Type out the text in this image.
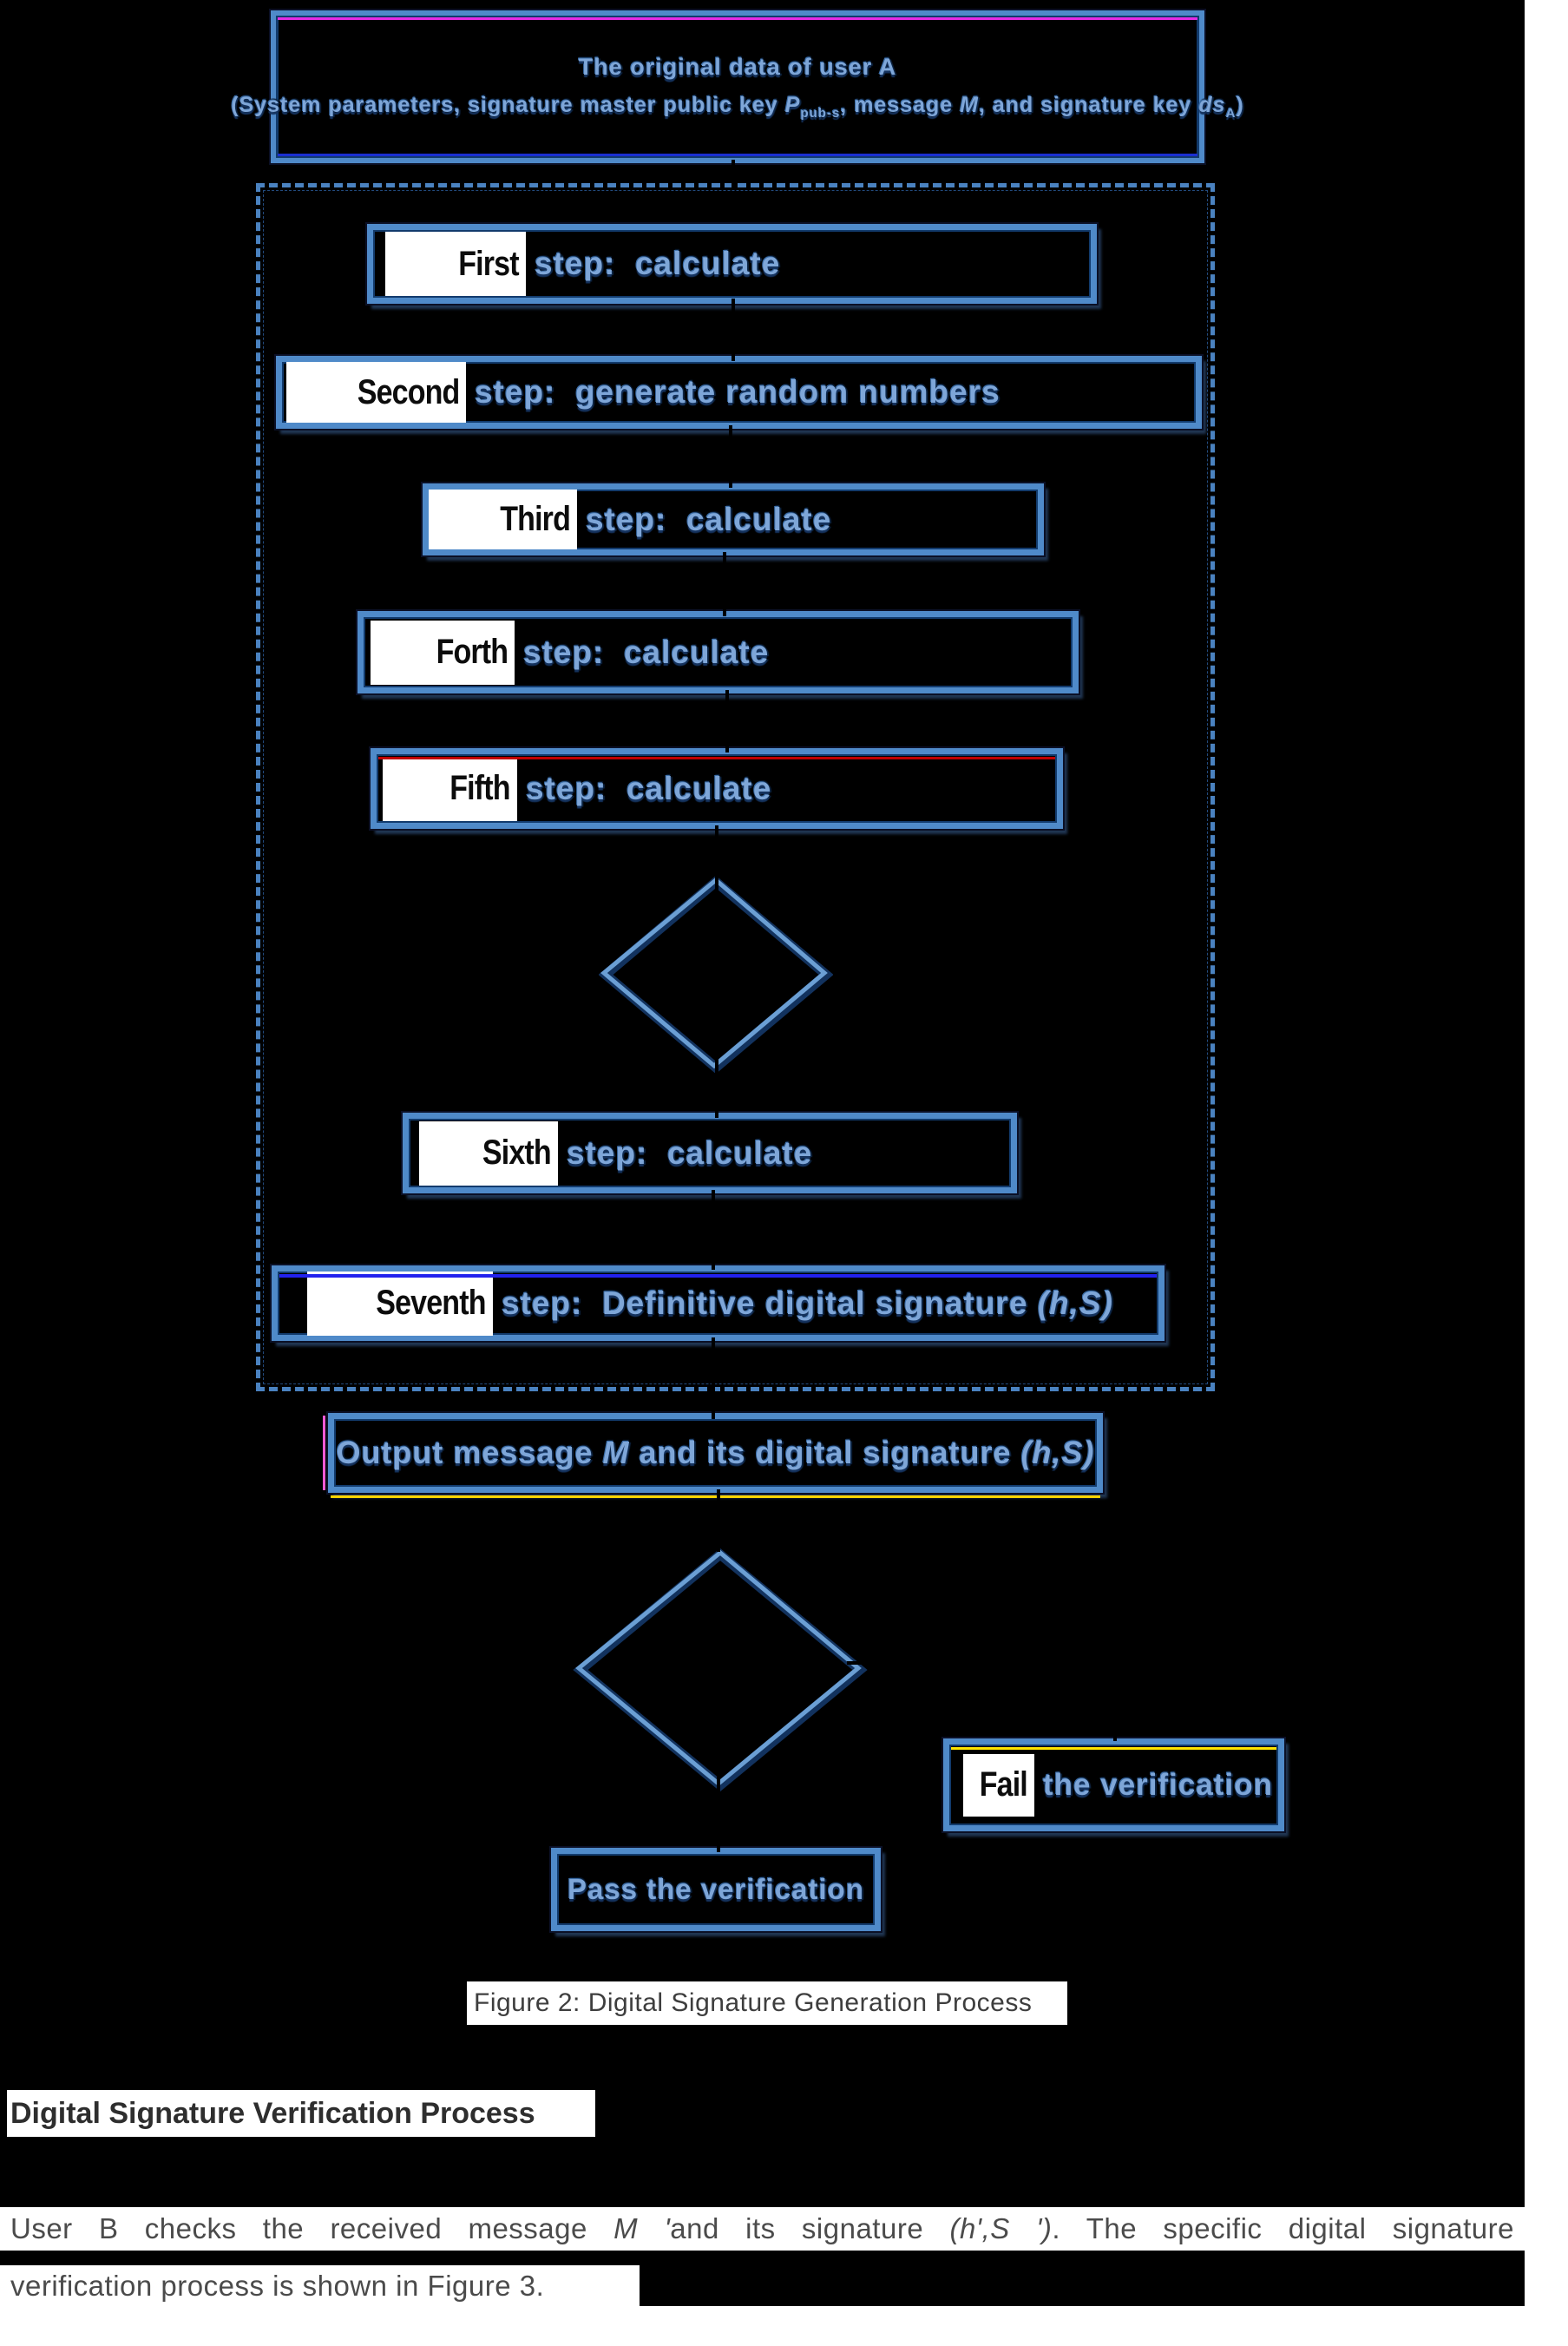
The original data of user A
(System parameters, signature master public key $P_{pub-s}$, message M, and signature key $ds_A$)
First step:  calculate
Second step:  generate random numbers
Third step:  calculate
Forth step:  calculate
Fifth step:  calculate
Sixth step:  calculate
Seventh step:  Definitive digital signature (h,S)
Output message M and its digital signature (h,S)
Fail the verification
Pass the verification
Figure 2: Digital Signature Generation Process
Digital Signature Verification Process
User B checks the received message M 'and its signature (h',S '). The specific digital signature
verification process is shown in Figure 3.
